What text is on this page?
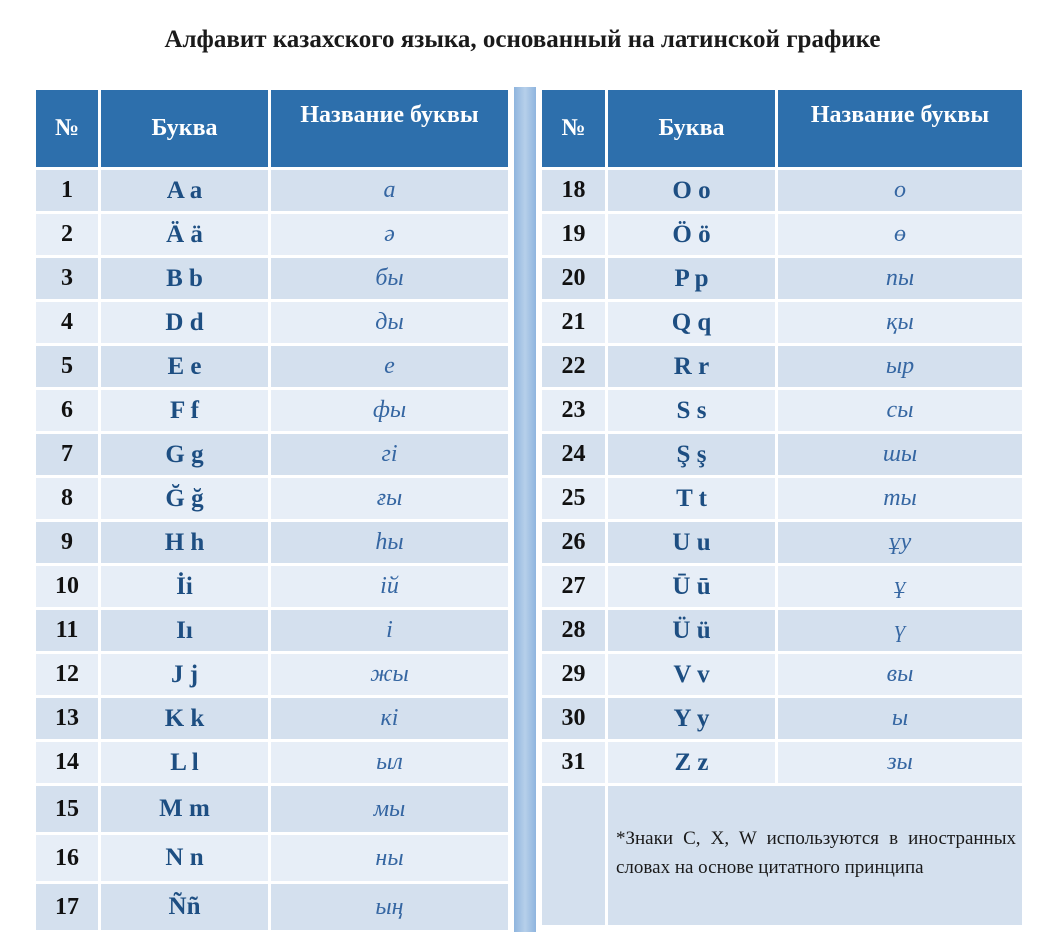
Алфавит казахского языка, основанный на латинской графике
№	Буква	Название буквы
1	A a	а
2	Ä ä	ә
3	B b	бы
4	D d	ды
5	E e	е
6	F f	фы
7	G g	гі
8	Ğ ğ	ғы
9	H h	һы
10	İi	ій
11	Iı	і
12	J j	жы
13	K k	кі
14	L l	ыл
15	M m	мы
16	N n	ны
17	Ññ	ың
№	Буква	Название буквы
18	O o	о
19	Ö ö	ө
20	P p	пы
21	Q q	қы
22	R r	ыр
23	S s	сы
24	Ş ş	шы
25	T t	ты
26	U u	ұу
27	Ū ū	ұ
28	Ü ü	ү
29	V v	вы
30	Y y	ы
31	Z z	зы

	*Знаки C, X, W используются в иностранных словах на основе цитатного принципа	
